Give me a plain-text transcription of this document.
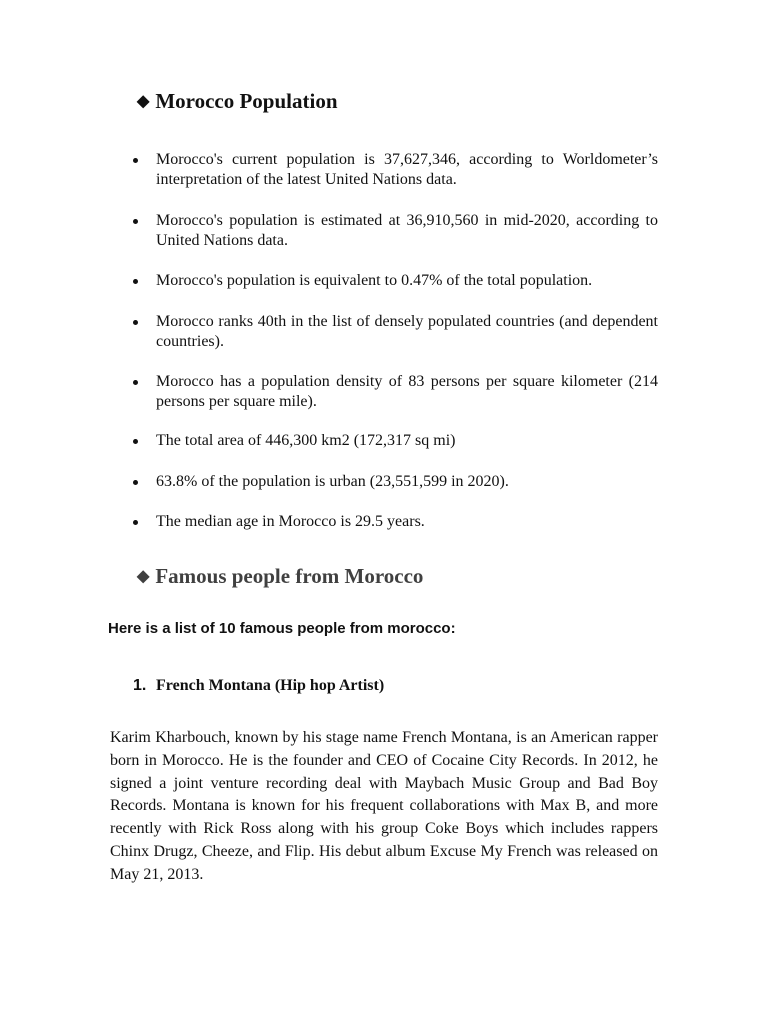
◆ Morocco Population
Morocco's current population is 37,627,346, according to Worldometer’s interpretation of the latest United Nations data.
Morocco's population is estimated at 36,910,560 in mid-2020, according to United Nations data.
Morocco's population is equivalent to 0.47% of the total population.
Morocco ranks 40th in the list of densely populated countries (and dependent countries).
Morocco has a population density of 83 persons per square kilometer (214 persons per square mile).
The total area of 446,300 km2 (172,317 sq mi)
63.8% of the population is urban (23,551,599 in 2020).
The median age in Morocco is 29.5 years.
◆ Famous people from Morocco
Here is a list of 10 famous people from morocco:
1. French Montana (Hip hop Artist)

Karim Kharbouch, known by his stage name French Montana, is an American rapper born in Morocco. He is the founder and CEO of Cocaine City Records. In 2012, he signed a joint venture recording deal with Maybach Music Group and Bad Boy Records. Montana is known for his frequent collaborations with Max B, and more recently with Rick Ross along with his group Coke Boys which includes rappers Chinx Drugz, Cheeze, and Flip. His debut album Excuse My French was released on May 21, 2013.
